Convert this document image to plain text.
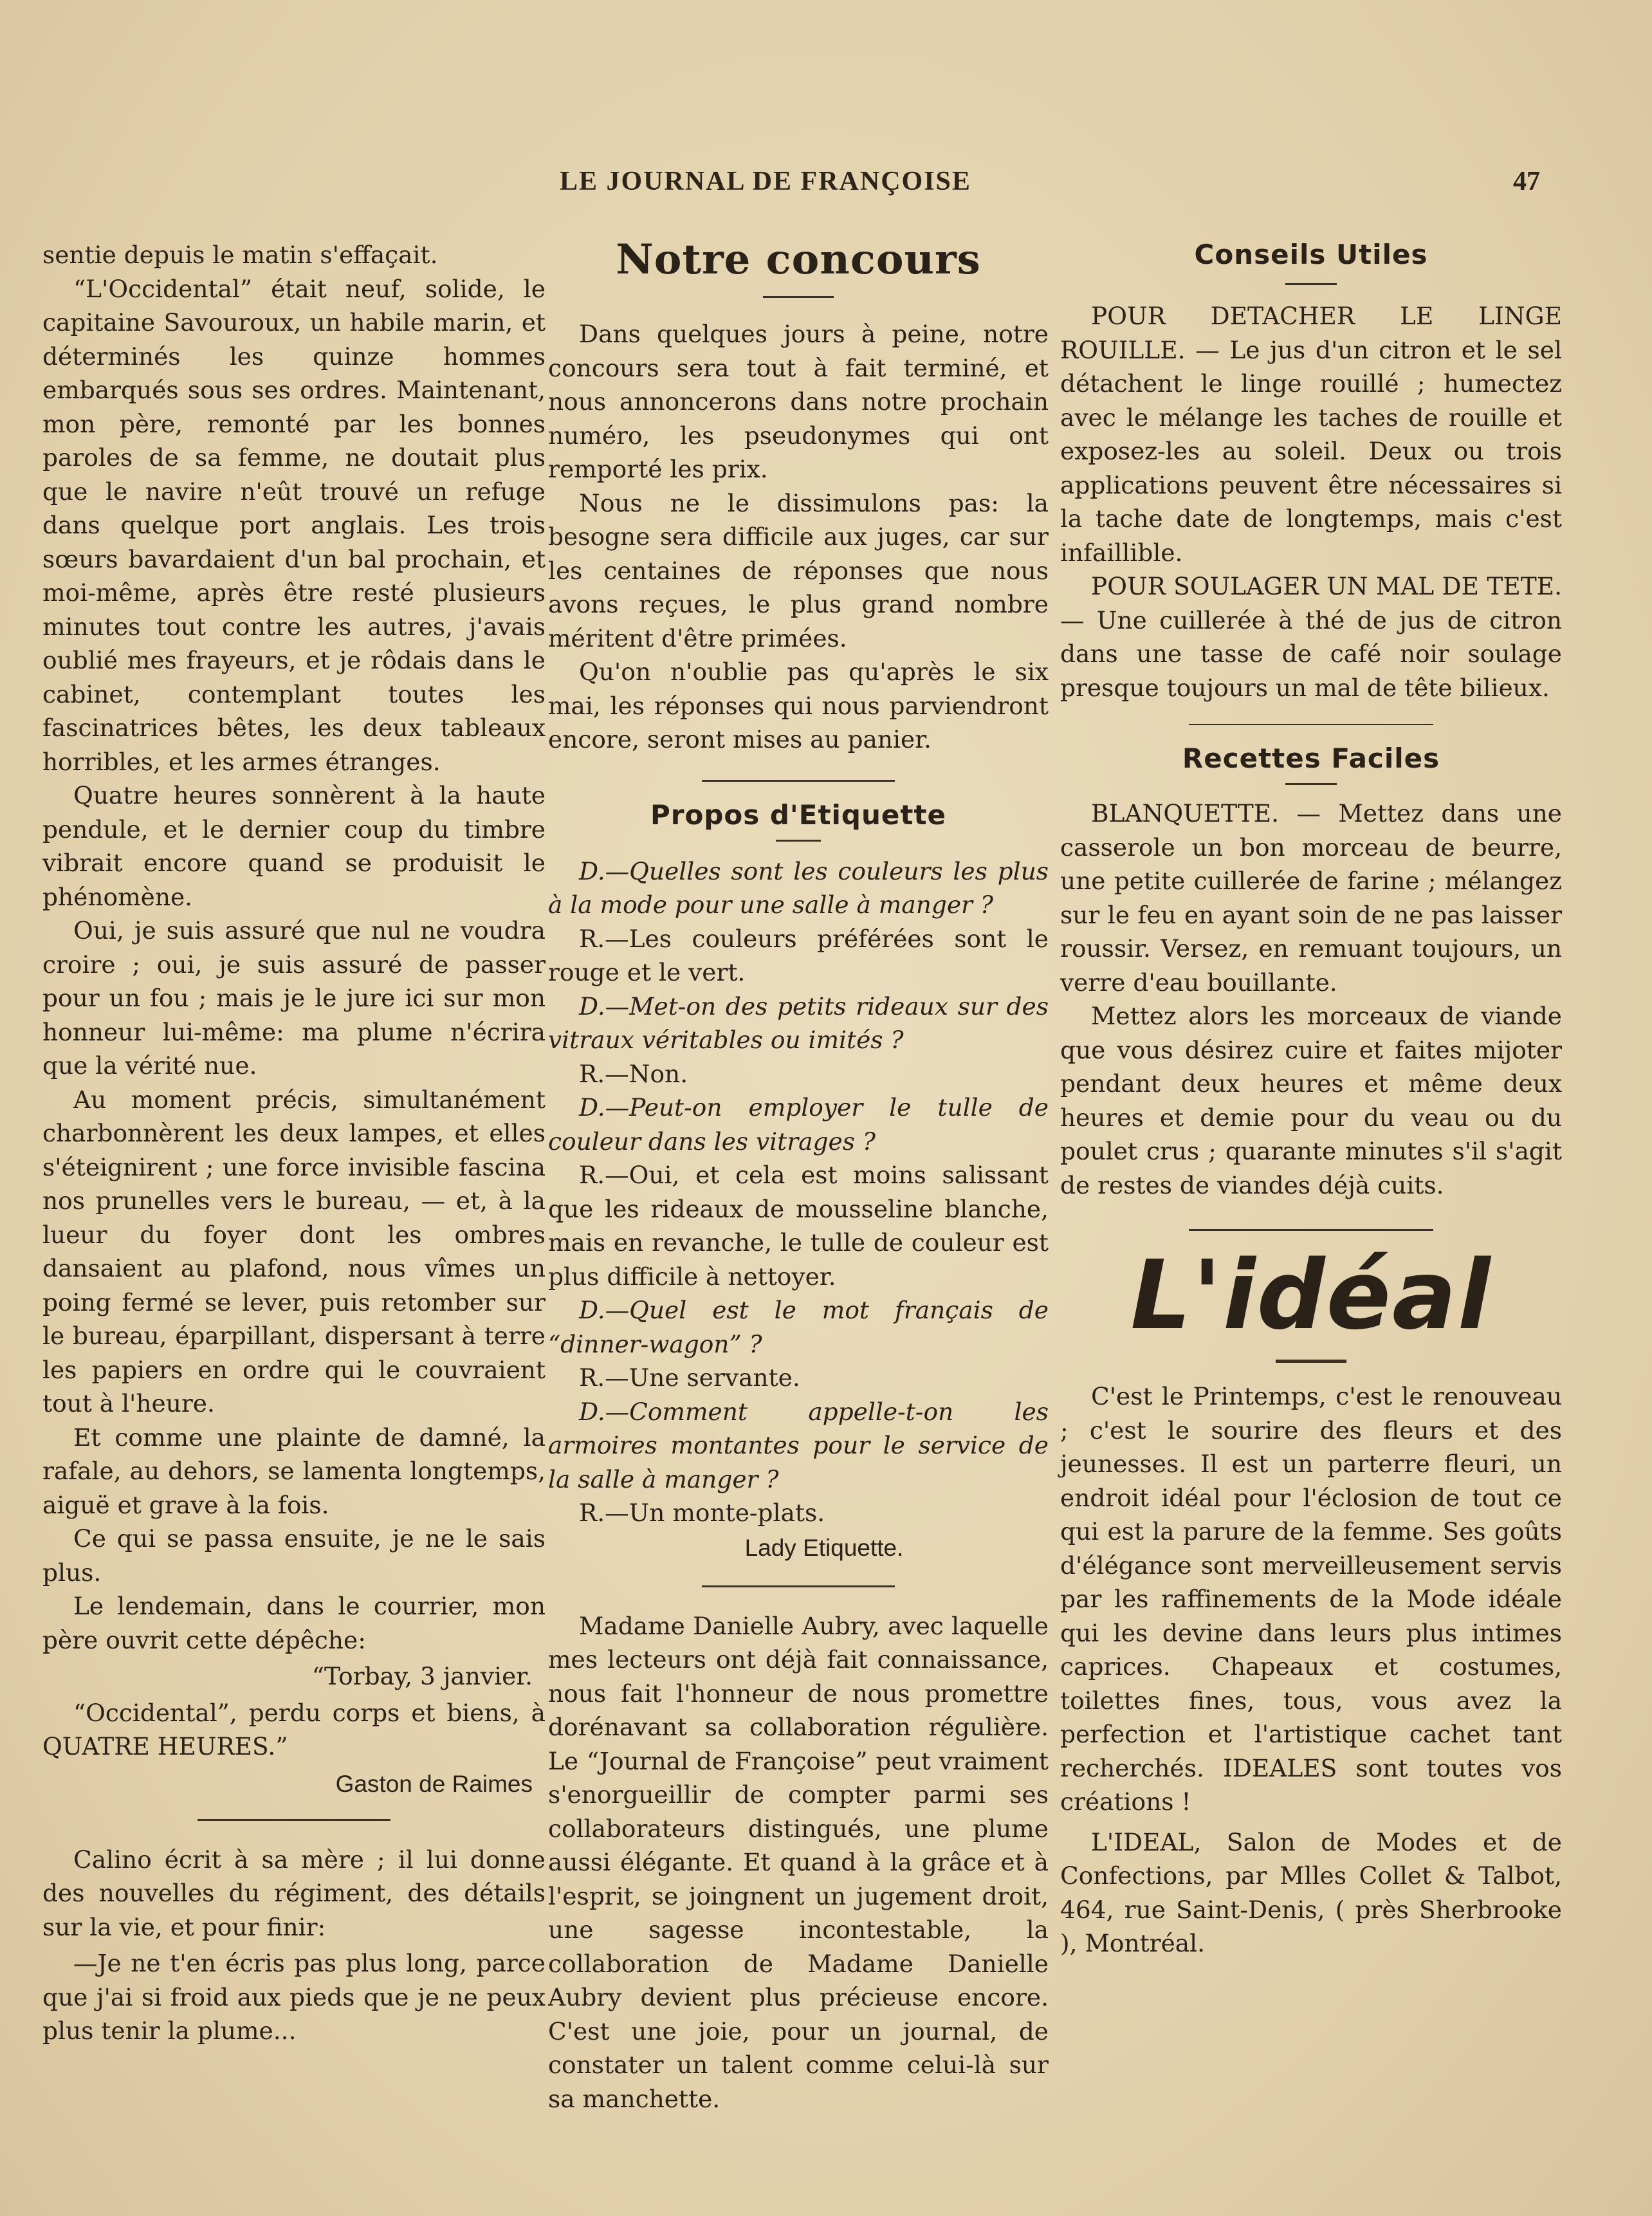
LE JOURNAL DE FRANÇOISE	47

sentie depuis le matin s'effaçait.

“L'Occidental” était neuf, solide, le capitaine Savouroux, un habile marin, et déterminés les quinze hommes embarqués sous ses ordres. Maintenant, mon père, remonté par les bonnes paroles de sa femme, ne doutait plus que le navire n'eût trouvé un refuge dans quelque port anglais. Les trois sœurs bavardaient d'un bal prochain, et moi-même, après être resté plusieurs minutes tout contre les autres, j'avais oublié mes frayeurs, et je rôdais dans le cabinet, contemplant toutes les fascinatrices bêtes, les deux tableaux horribles, et les armes étranges.

Quatre heures sonnèrent à la haute pendule, et le dernier coup du timbre vibrait encore quand se produisit le phénomène.

Oui, je suis assuré que nul ne voudra croire ; oui, je suis assuré de passer pour un fou ; mais je le jure ici sur mon honneur lui-même: ma plume n'écrira que la vérité nue.

Au moment précis, simultanément charbonnèrent les deux lampes, et elles s'éteignirent ; une force invisible fascina nos prunelles vers le bureau, — et, à la lueur du foyer dont les ombres dansaient au plafond, nous vîmes un poing fermé se lever, puis retomber sur le bureau, éparpillant, dispersant à terre les papiers en ordre qui le couvraient tout à l'heure.

Et comme une plainte de damné, la rafale, au dehors, se lamenta longtemps, aiguë et grave à la fois.

Ce qui se passa ensuite, je ne le sais plus.

Le lendemain, dans le courrier, mon père ouvrit cette dépêche:

“Torbay, 3 janvier.

“Occidental”, perdu corps et biens, à QUATRE HEURES.”

Gaston de Raimes

Calino écrit à sa mère ; il lui donne des nouvelles du régiment, des détails sur la vie, et pour finir:

—Je ne t'en écris pas plus long, parce que j'ai si froid aux pieds que je ne peux plus tenir la plume...

Notre concours

Dans quelques jours à peine, notre concours sera tout à fait terminé, et nous annoncerons dans notre prochain numéro, les pseudonymes qui ont remporté les prix.

Nous ne le dissimulons pas: la besogne sera difficile aux juges, car sur les centaines de réponses que nous avons reçues, le plus grand nombre méritent d'être primées.

Qu'on n'oublie pas qu'après le six mai, les réponses qui nous parviendront encore, seront mises au panier.

Propos d'Etiquette

D.—Quelles sont les couleurs les plus à la mode pour une salle à manger ?

R.—Les couleurs préférées sont le rouge et le vert.

D.—Met-on des petits rideaux sur des vitraux véritables ou imités ?

R.—Non.

D.—Peut-on employer le tulle de couleur dans les vitrages ?

R.—Oui, et cela est moins salissant que les rideaux de mousseline blanche, mais en revanche, le tulle de couleur est plus difficile à nettoyer.

D.—Quel est le mot français de “dinner-wagon” ?

R.—Une servante.

D.—Comment appelle-t-on les armoires montantes pour le service de la salle à manger ?

R.—Un monte-plats.

Lady Etiquette.

Madame Danielle Aubry, avec laquelle mes lecteurs ont déjà fait connaissance, nous fait l'honneur de nous promettre dorénavant sa collaboration régulière. Le “Journal de Françoise” peut vraiment s'enorgueillir de compter parmi ses collaborateurs distingués, une plume aussi élégante. Et quand à la grâce et à l'esprit, se joingnent un jugement droit, une sagesse incontestable, la collaboration de Madame Danielle Aubry devient plus précieuse encore. C'est une joie, pour un journal, de constater un talent comme celui-là sur sa manchette.

Conseils Utiles

POUR DETACHER LE LINGE ROUILLE. — Le jus d'un citron et le sel détachent le linge rouillé ; humectez avec le mélange les taches de rouille et exposez-les au soleil. Deux ou trois applications peuvent être nécessaires si la tache date de longtemps, mais c'est infaillible.

POUR SOULAGER UN MAL DE TETE. — Une cuillerée à thé de jus de citron dans une tasse de café noir soulage presque toujours un mal de tête bilieux.

Recettes Faciles

BLANQUETTE. — Mettez dans une casserole un bon morceau de beurre, une petite cuillerée de farine ; mélangez sur le feu en ayant soin de ne pas laisser roussir. Versez, en remuant toujours, un verre d'eau bouillante.

Mettez alors les morceaux de viande que vous désirez cuire et faites mijoter pendant deux heures et même deux heures et demie pour du veau ou du poulet crus ; quarante minutes s'il s'agit de restes de viandes déjà cuits.

L'idéal

C'est le Printemps, c'est le renouveau ; c'est le sourire des fleurs et des jeunesses. Il est un parterre fleuri, un endroit idéal pour l'éclosion de tout ce qui est la parure de la femme. Ses goûts d'élégance sont merveilleusement servis par les raffinements de la Mode idéale qui les devine dans leurs plus intimes caprices. Chapeaux et costumes, toilettes fines, tous, vous avez la perfection et l'artistique cachet tant recherchés. IDEALES sont toutes vos créations !

L'IDEAL, Salon de Modes et de Confections, par Mlles Collet & Talbot, 464, rue Saint-Denis, ( près Sherbrooke ), Montréal.
